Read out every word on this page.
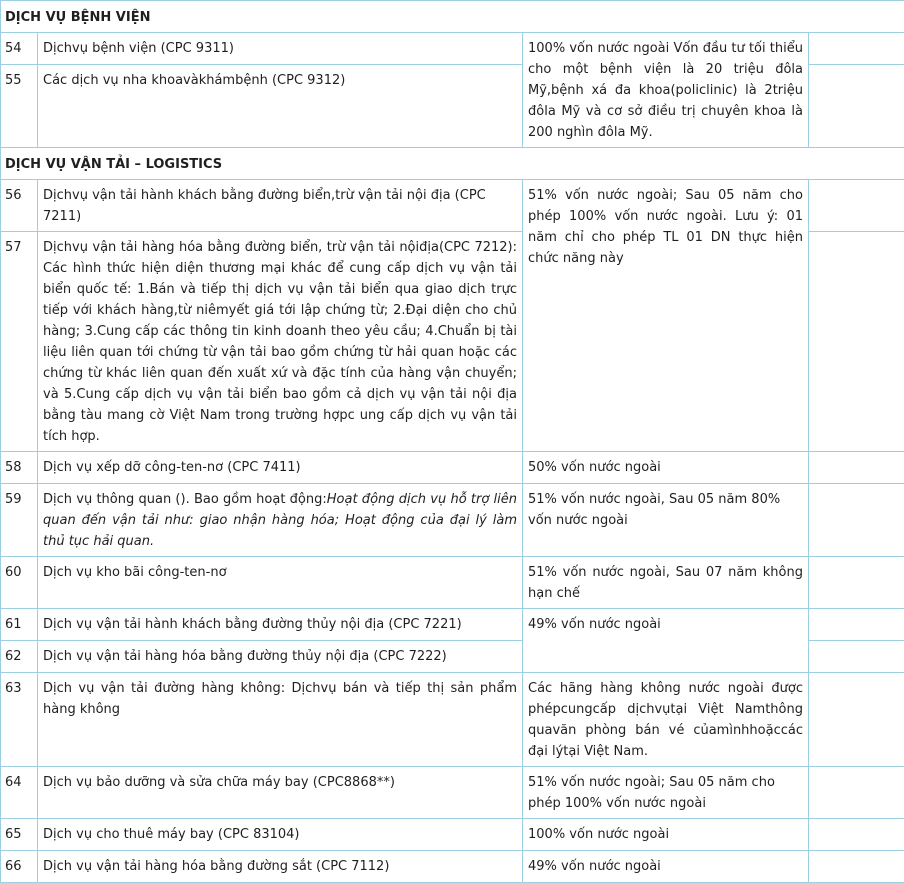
DỊCH VỤ BỆNH VIỆN			
54	Dịchvụ bệnh viện (CPC 9311)	100% vốn nước ngoài Vốn đầu tư tối thiểu cho một bệnh viện là 20 triệu đôla Mỹ,bệnh xá đa khoa(policlinic) là 2triệu đôla Mỹ và cơ sở điều trị chuyên khoa là 200 nghìn đôla Mỹ.	
55	Các dịch vụ nha khoavàkhámbệnh (CPC 9312)		
DỊCH VỤ VẬN TẢI – LOGISTICS			
56	Dịchvụ vận tải hành khách bằng đường biển,trừ vận tải nội địa (CPC 7211)	51% vốn nước ngoài; Sau 05 năm cho phép 100% vốn nước ngoài. Lưu ý: 01 năm chỉ cho phép TL 01 DN thực hiện chức năng này	
57	Dịchvụ vận tải hàng hóa bằng đường biển, trừ vận tải nộiđịa(CPC 7212): Các hình thức hiện diện thương mại khác để cung cấp dịch vụ vận tải biển quốc tế: 1.Bán và tiếp thị dịch vụ vận tải biển qua giao dịch trực tiếp với khách hàng,từ niêmyết giá tới lập chứng từ; 2.Đại diện cho chủ hàng; 3.Cung cấp các thông tin kinh doanh theo yêu cầu; 4.Chuẩn bị tài liệu liên quan tới chứng từ vận tải bao gồm chứng từ hải quan hoặc các chứng từ khác liên quan đến xuất xứ và đặc tính của hàng vận chuyển; và 5.Cung cấp dịch vụ vận tải biển bao gồm cả dịch vụ vận tải nội địa bằng tàu mang cờ Việt Nam trong trường hợpc ung cấp dịch vụ vận tải tích hợp.		
58	Dịch vụ xếp dỡ công-ten-nơ (CPC 7411)	50% vốn nước ngoài	
59	Dịch vụ thông quan (). Bao gồm hoạt động:Hoạt động dịch vụ hỗ trợ liên quan đến vận tải như: giao nhận hàng hóa; Hoạt động của đại lý làm thủ tục hải quan.	51% vốn nước ngoài, Sau 05 năm 80% vốn nước ngoài	
60	Dịch vụ kho bãi công-ten-nơ	51% vốn nước ngoài, Sau 07 năm không hạn chế	
61	Dịch vụ vận tải hành khách bằng đường thủy nội địa (CPC 7221)	49% vốn nước ngoài	
62	Dịch vụ vận tải hàng hóa bằng đường thủy nội địa (CPC 7222)		
63	Dịch vụ vận tải đường hàng không: Dịchvụ bán và tiếp thị sản phẩm hàng không	Các hãng hàng không nước ngoài được phépcungcấp dịchvụtại Việt Namthông quavăn phòng bán vé củamìnhhoặccác đại lýtại Việt Nam.	
64	Dịch vụ bảo dưỡng và sửa chữa máy bay (CPC8868**)	51% vốn nước ngoài; Sau 05 năm cho phép 100% vốn nước ngoài	
65	Dịch vụ cho thuê máy bay (CPC 83104)	100% vốn nước ngoài	
66	Dịch vụ vận tải hàng hóa bằng đường sắt (CPC 7112)	49% vốn nước ngoài	
